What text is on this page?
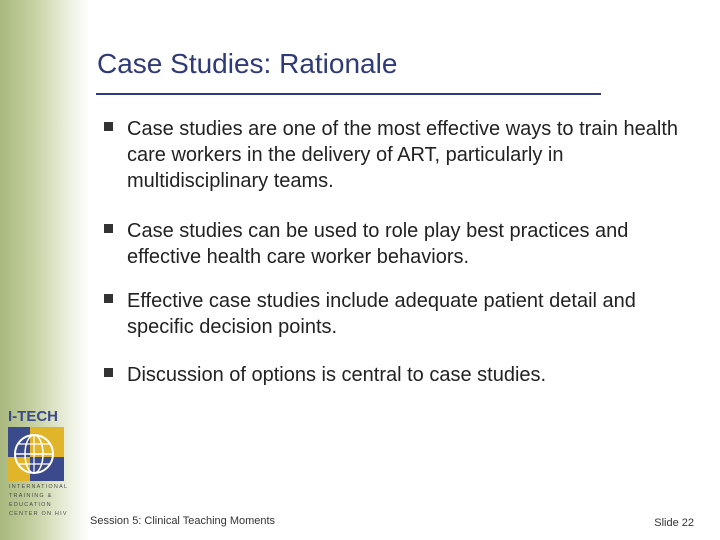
I-TECH
INTERNATIONAL
TRAINING &
EDUCATION
CENTER ON HIV
Case Studies: Rationale
Case studies are one of the most effective ways to train health care workers in the delivery of ART, particularly in multidisciplinary teams.
Case studies can be used to role play best practices and effective health care worker behaviors.
Effective case studies include adequate patient detail and specific decision points.
Discussion of options is central to case studies.
Session 5: Clinical Teaching Moments	Slide 22
